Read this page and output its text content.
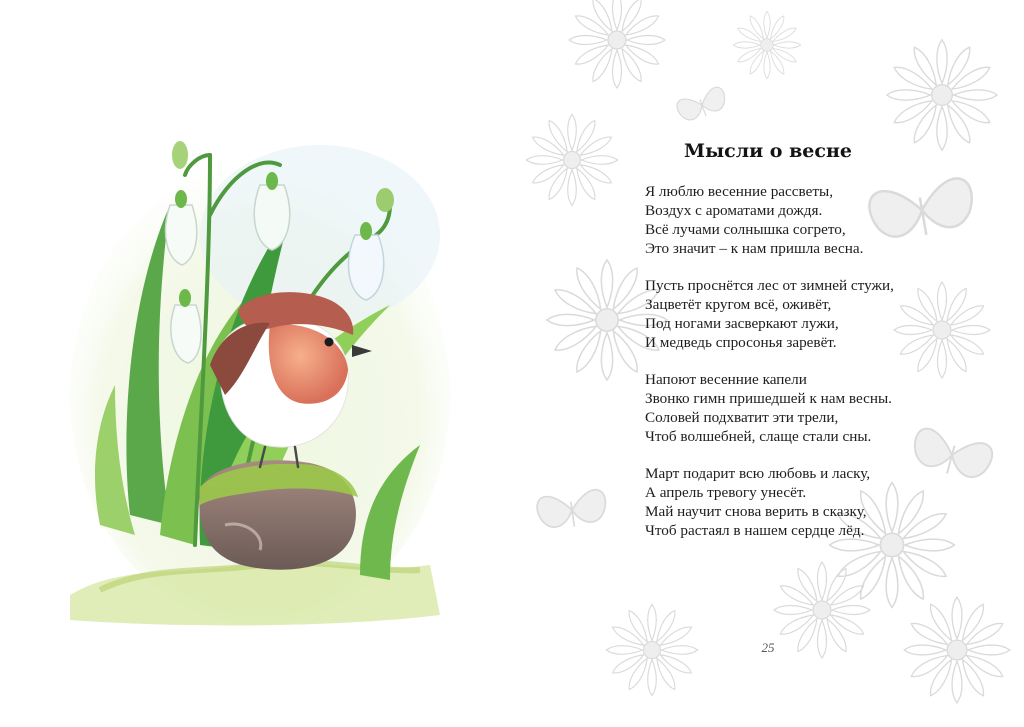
Мысли о весне

Я люблю весенние рассветы,
Воздух с ароматами дождя.
Всё лучами солнышка согрето,
Это значит – к нам пришла весна.

Пусть проснётся лес от зимней стужи,
Зацветёт кругом всё, оживёт,
Под ногами засверкают лужи,
И медведь спросонья заревёт.

Напоют весенние капели
Звонко гимн пришедшей к нам весны.
Соловей подхватит эти трели,
Чтоб волшебней, слаще стали сны.

Март подарит всю любовь и ласку,
А апрель тревогу унесёт.
Май научит снова верить в сказку,
Чтоб растаял в нашем сердце лёд.

25
